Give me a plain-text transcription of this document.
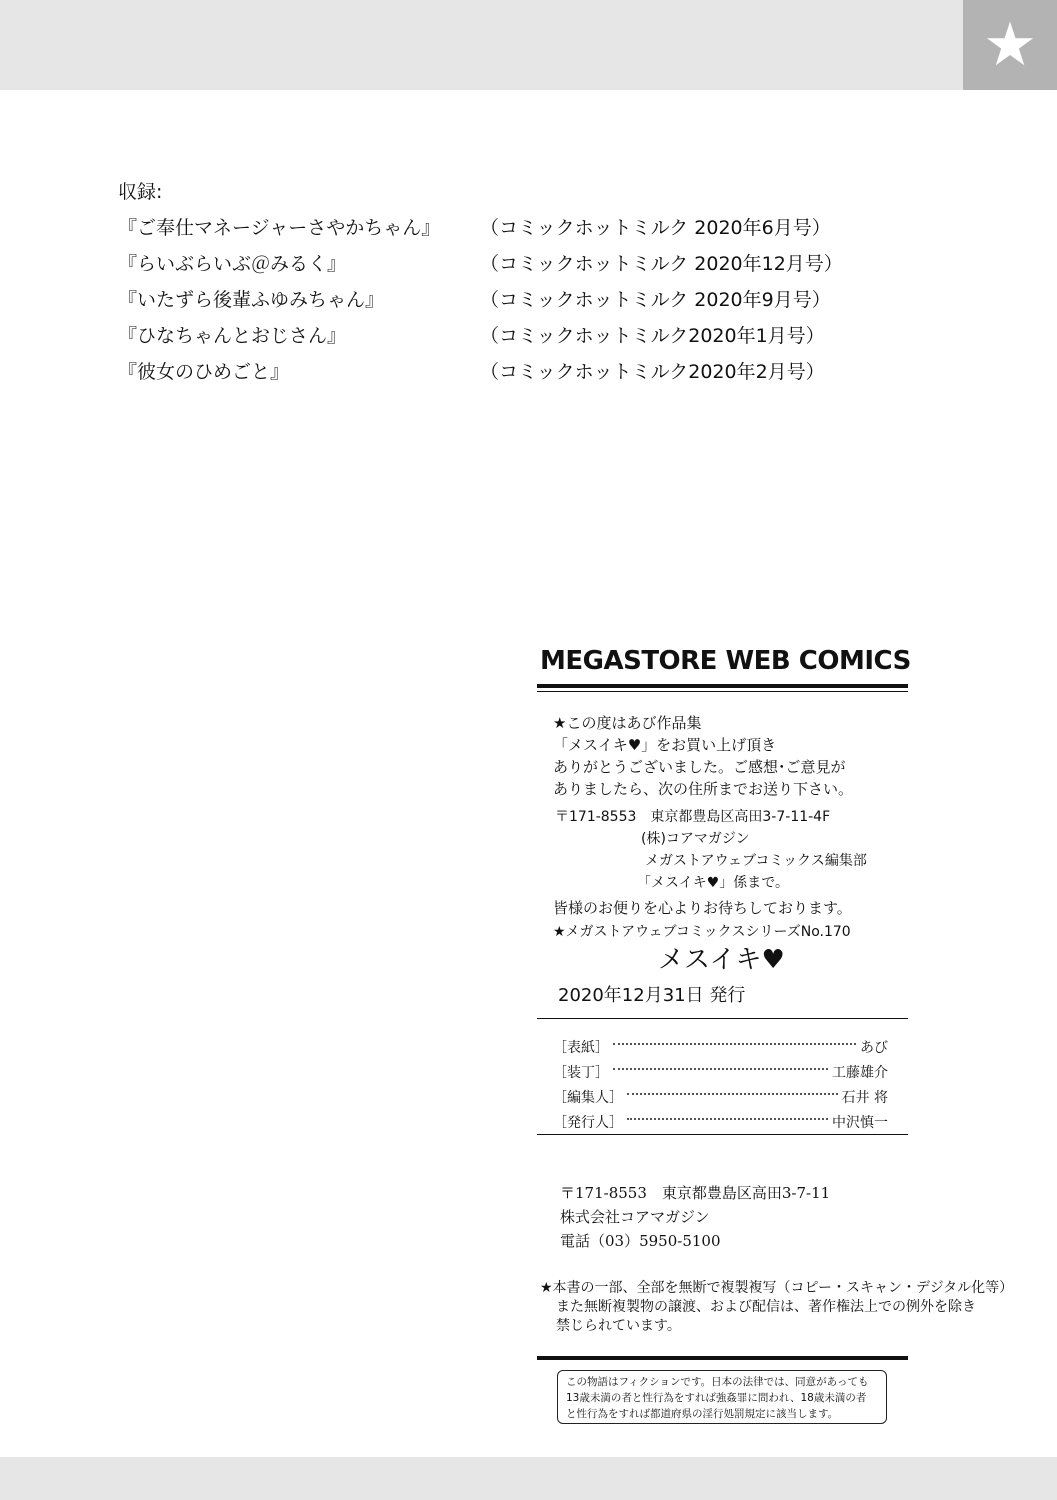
★
収録:
『ご奉仕マネージャーさやかちゃん』 （コミックホットミルク 2020年6月号）
『らいぶらいぶ＠みるく』	（コミックホットミルク 2020年12月号）
『いたずら後輩ふゆみちゃん』	（コミックホットミルク 2020年9月号）
『ひなちゃんとおじさん』	（コミックホットミルク2020年1月号）
『彼女のひめごと』	（コミックホットミルク2020年2月号）
MEGASTORE WEB COMICS
★この度はあび作品集
「メスイキ♥」をお買い上げ頂き
ありがとうございました。ご感想･ご意見が
ありましたら、次の住所までお送り下さい。
〒171-8553　東京都豊島区高田3-7-11-4F
(株)コアマガジン
メガストアウェブコミックス編集部
「メスイキ♥」係まで。
皆様のお便りを心よりお待ちしております。
★メガストアウェブコミックスシリーズNo.170
メスイキ♥
2020年12月31日 発行
［表紙］	あび
［装丁］	工藤雄介
［編集人］	石井 将
［発行人］	中沢慎一
〒171-8553　東京都豊島区高田3-7-11
株式会社コアマガジン
電話（03）5950-5100
★本書の一部、全部を無断で複製複写（コピー・スキャン・デジタル化等）
また無断複製物の譲渡、および配信は、著作権法上での例外を除き
禁じられています。
この物語はフィクションです。日本の法律では、同意があっても
13歳未満の者と性行為をすれば強姦罪に問われ、18歳未満の者
と性行為をすれば都道府県の淫行処罰規定に該当します。
